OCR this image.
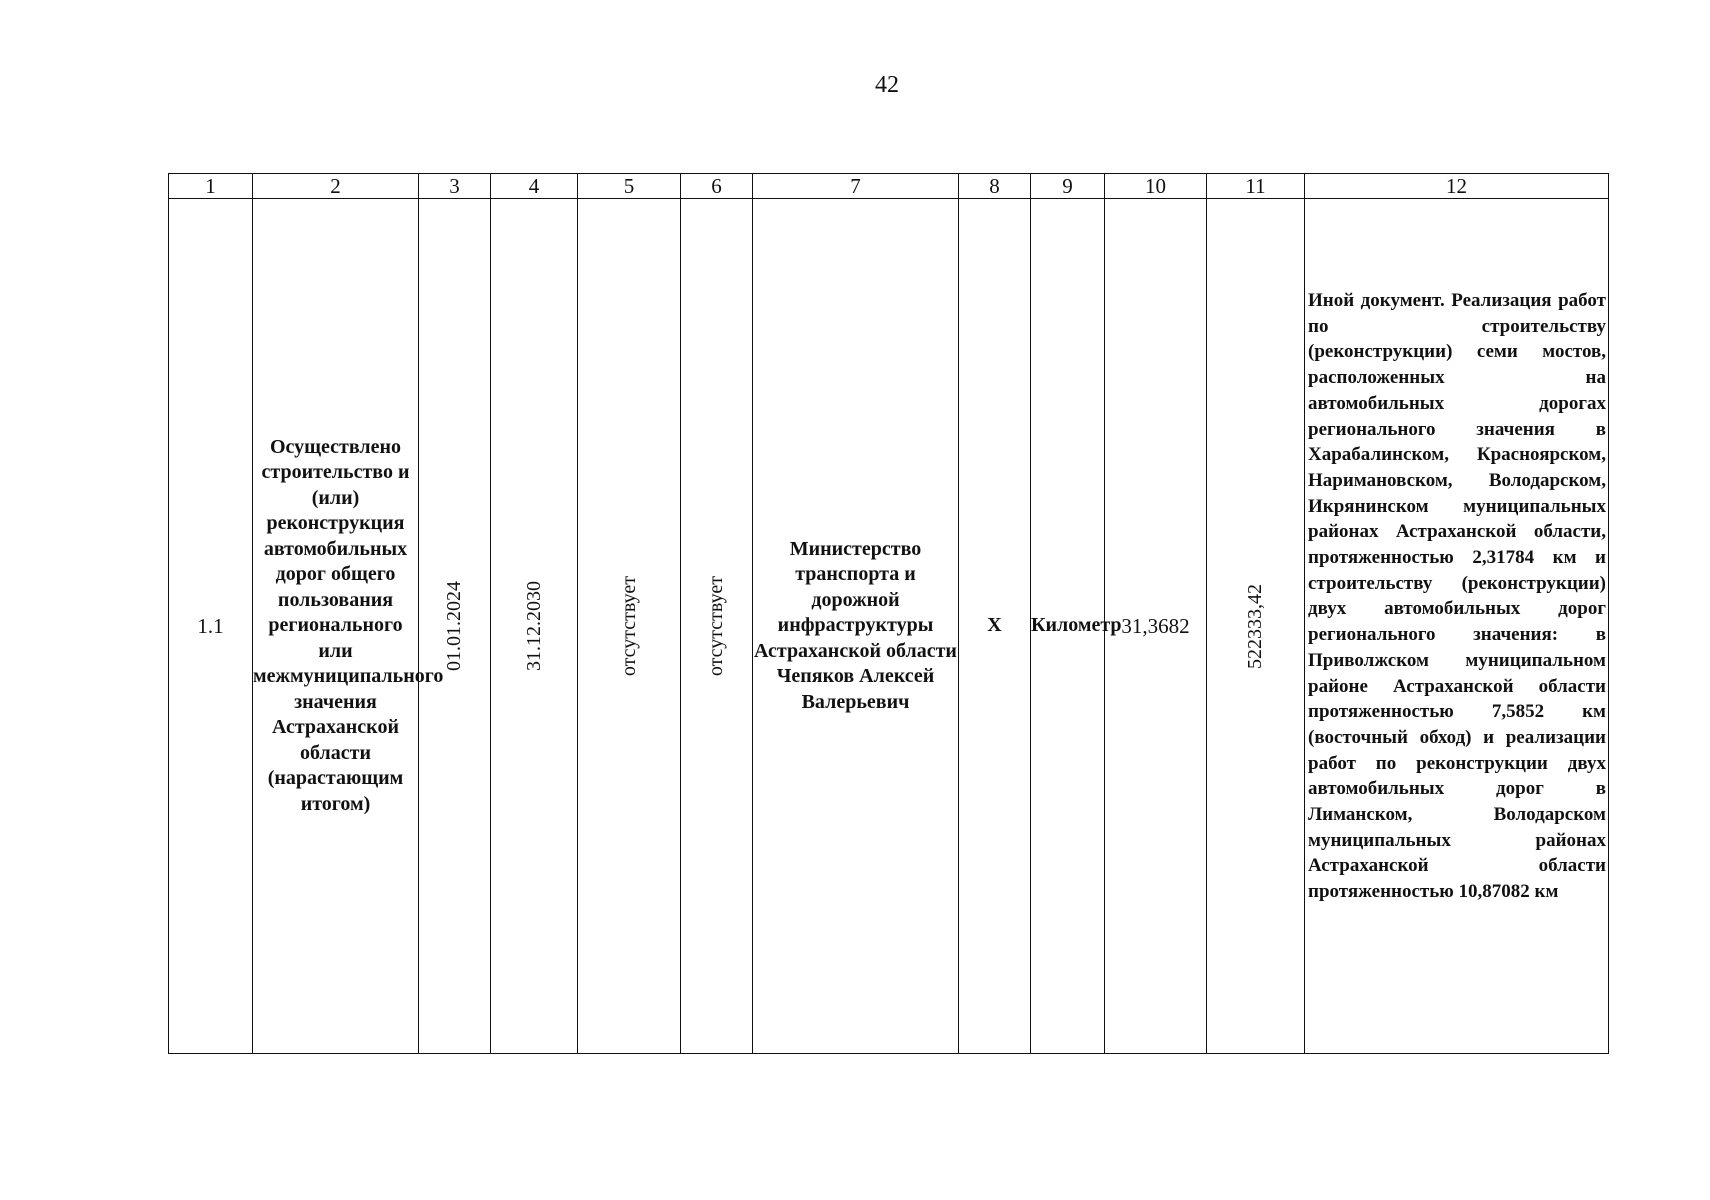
42
1	2	3	4	5	6	7	8	9	10	11	12
1.1	Осуществлено строительство и (или) реконструкция автомобильных дорог общего пользования регионального или межмуниципального значения Астраханской области (нарастающим итогом)	01.01.2024	31.12.2030	отсутствует	отсутствует	Министерство транспорта и дорожной инфраструктуры Астраханской области Чепяков Алексей Валерьевич	X	Километр	31,3682	522333,42	Иной документ. Реализация работ по строительству (реконструкции) семи мостов, расположенных на автомобильных дорогах регионального значения в Харабалинском, Красноярском, Наримановском, Володарском, Икрянинском муниципальных районах Астраханской области, протяженностью 2,31784 км и строительству (реконструкции) двух автомобильных дорог регионального значения: в Приволжском муниципальном районе Астраханской области протяженностью 7,5852 км (восточный обход) и реализации работ по реконструкции двух автомобильных дорог в Лиманском, Володарском муниципальных районах Астраханской области протяженностью 10,87082 км
